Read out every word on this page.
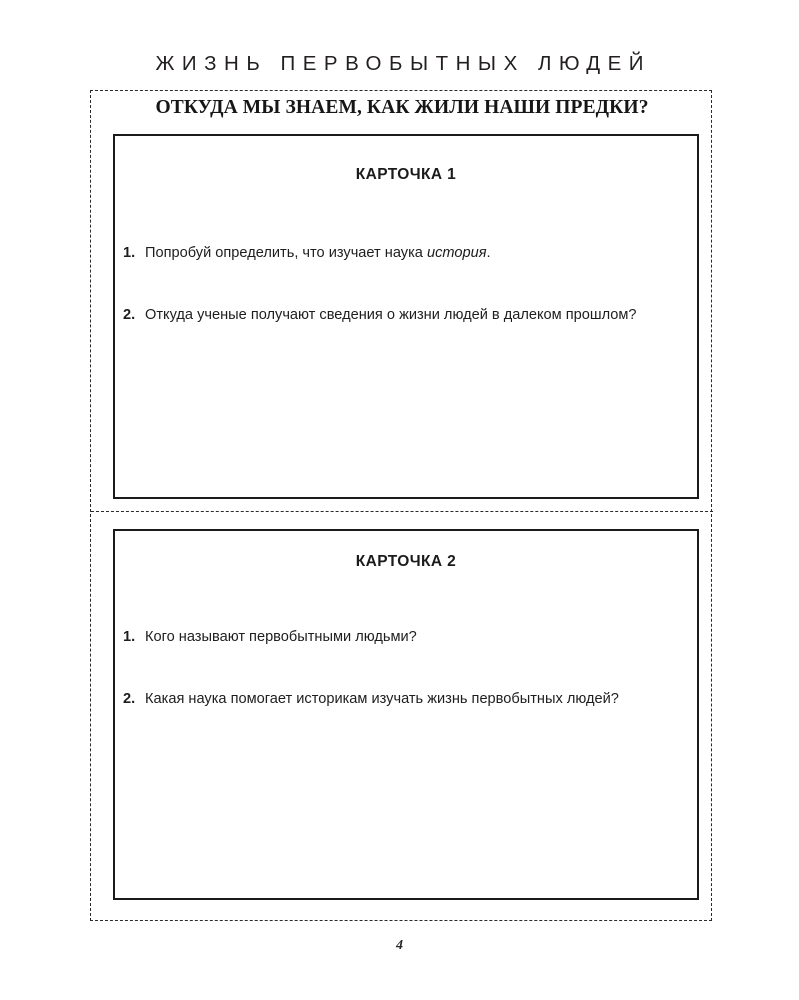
ЖИЗНЬ ПЕРВОБЫТНЫХ ЛЮДЕЙ
ОТКУДА МЫ ЗНАЕМ, КАК ЖИЛИ НАШИ ПРЕДКИ?
КАРТОЧКА 1
1. Попробуй определить, что изучает наука история.
2. Откуда ученые получают сведения о жизни людей в далеком прошлом?
КАРТОЧКА 2
1. Кого называют первобытными людьми?
2. Какая наука помогает историкам изучать жизнь первобытных людей?
4
